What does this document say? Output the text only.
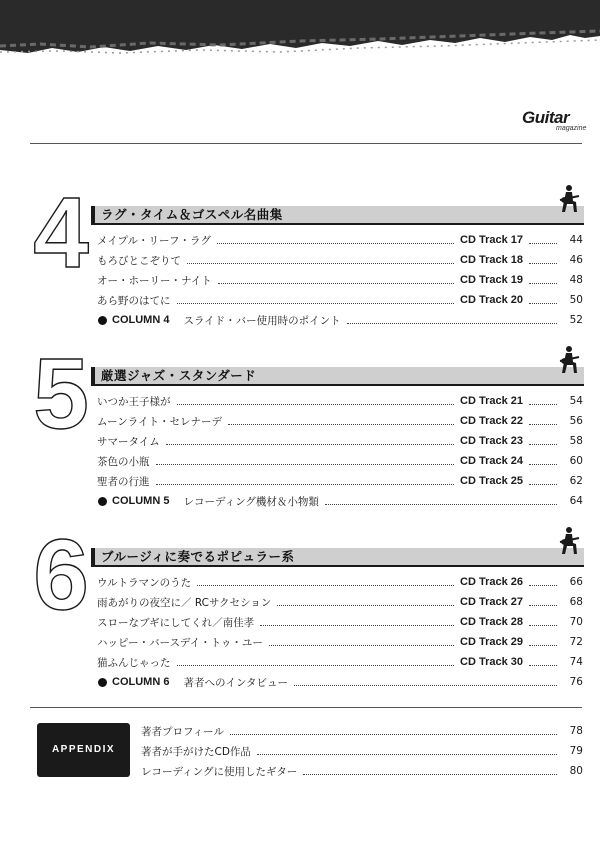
Guitar
magazine
4 ラグ・タイム＆ゴスペル名曲集
メイプル・リーフ・ラグ	CD Track 17	44
もろびとこぞりて	CD Track 18	46
オー・ホーリー・ナイト	CD Track 19	48
あら野のはてに	CD Track 20	50
COLUMN 4 スライド・バー使用時のポイント	52
5 厳選ジャズ・スタンダード
いつか王子様が	CD Track 21	54
ムーンライト・セレナーデ	CD Track 22	56
サマータイム	CD Track 23	58
茶色の小瓶	CD Track 24	60
聖者の行進	CD Track 25	62
COLUMN 5 レコーディング機材＆小物類	64
6 ブルージィに奏でるポピュラー系
ウルトラマンのうた	CD Track 26	66
雨あがりの夜空に／ RCサクセション	CD Track 27	68
スローなブギにしてくれ／南佳孝	CD Track 28	70
ハッピー・バースデイ・トゥ・ユー	CD Track 29	72
猫ふんじゃった	CD Track 30	74
COLUMN 6 著者へのインタビュー	76
APPENDIX
著者プロフィール	78
著者が手がけたCD作品	79
レコーディングに使用したギター	80
